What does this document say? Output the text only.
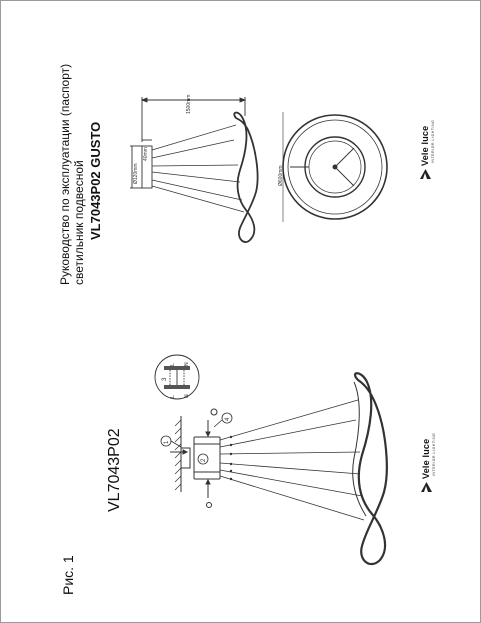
Рис. 1
VL7043P02
Руководство по эксплуатации (паспорт) светильник подвесной VL7043P02 GUSTO
1500mm
40mm
Ø120mm	Ø600mm
1
2
3
4
L N
L N
Vele luce INTERIOR LIGHTING
Vele luce INTERIOR LIGHTING
